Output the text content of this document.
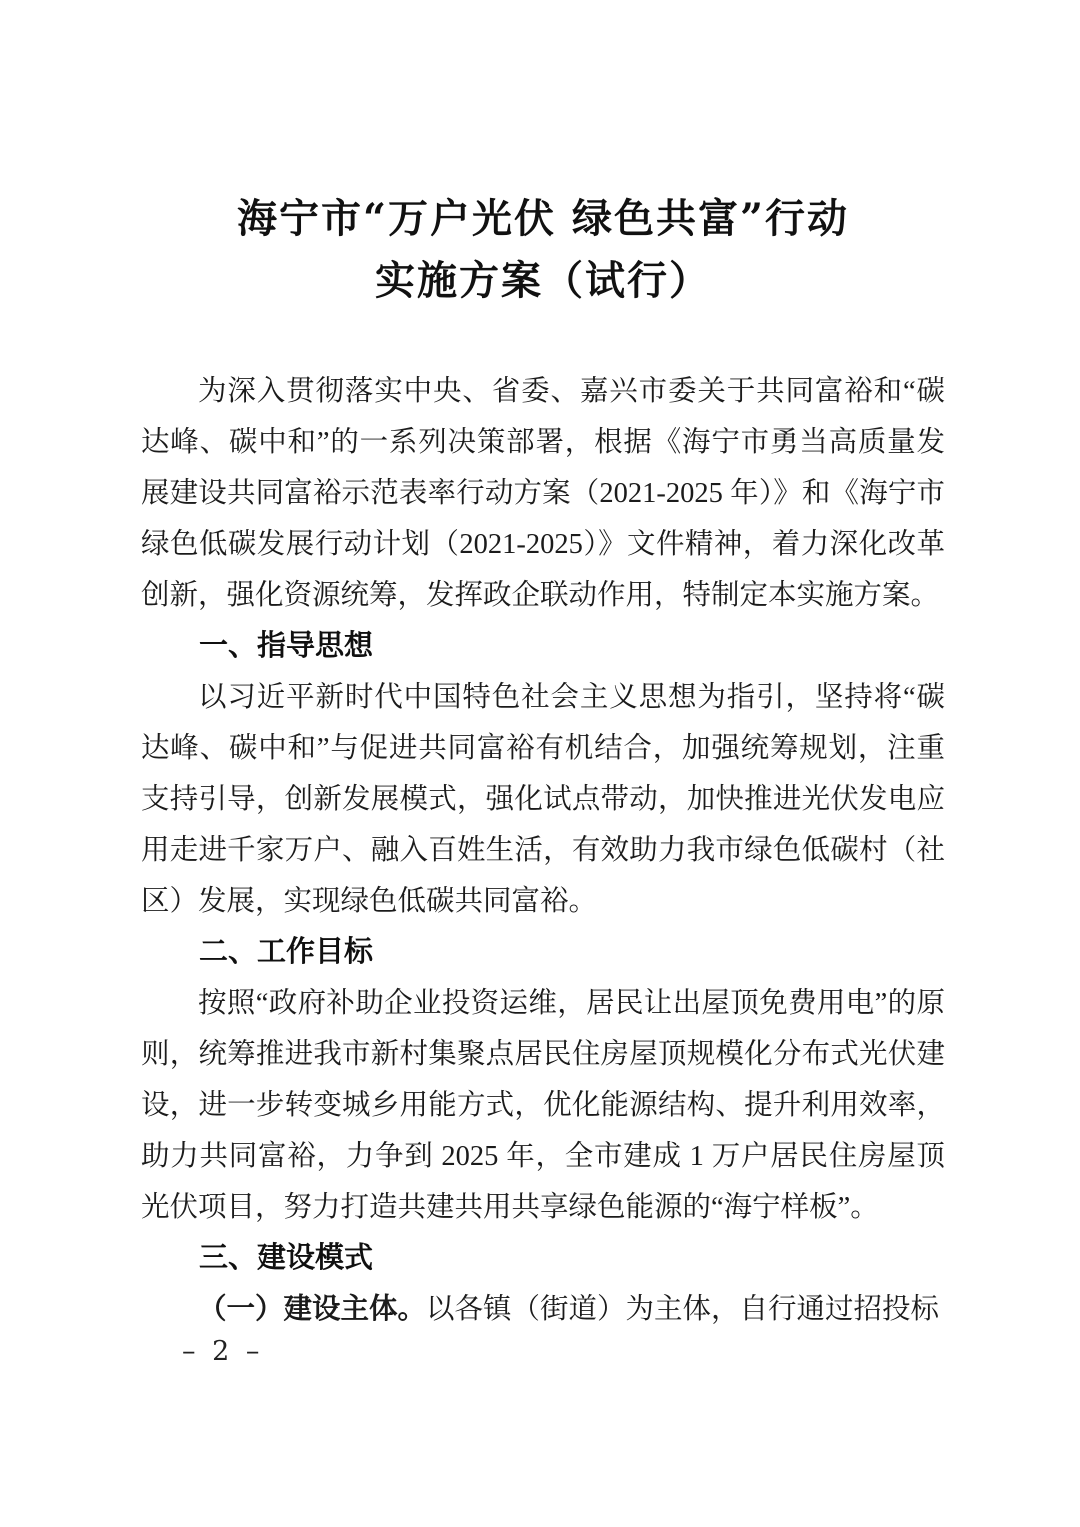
海宁市“万户光伏 绿色共富”行动
实施方案（试行）

为深入贯彻落实中央、省委、嘉兴市委关于共同富裕和“碳达峰、碳中和”的一系列决策部署，根据《海宁市勇当高质量发展建设共同富裕示范表率行动方案（2021-2025 年）》和《海宁市绿色低碳发展行动计划（2021-2025）》文件精神，着力深化改革创新，强化资源统筹，发挥政企联动作用，特制定本实施方案。

一、指导思想

以习近平新时代中国特色社会主义思想为指引，坚持将“碳达峰、碳中和”与促进共同富裕有机结合，加强统筹规划，注重支持引导，创新发展模式，强化试点带动，加快推进光伏发电应用走进千家万户、融入百姓生活，有效助力我市绿色低碳村（社区）发展，实现绿色低碳共同富裕。

二、工作目标

按照“政府补助企业投资运维，居民让出屋顶免费用电”的原则，统筹推进我市新村集聚点居民住房屋顶规模化分布式光伏建设，进一步转变城乡用能方式，优化能源结构、提升利用效率，助力共同富裕，力争到 2025 年，全市建成 1 万户居民住房屋顶光伏项目，努力打造共建共用共享绿色能源的“海宁样板”。

三、建设模式

（一）建设主体。以各镇（街道）为主体，自行通过招投标

– 2 –
